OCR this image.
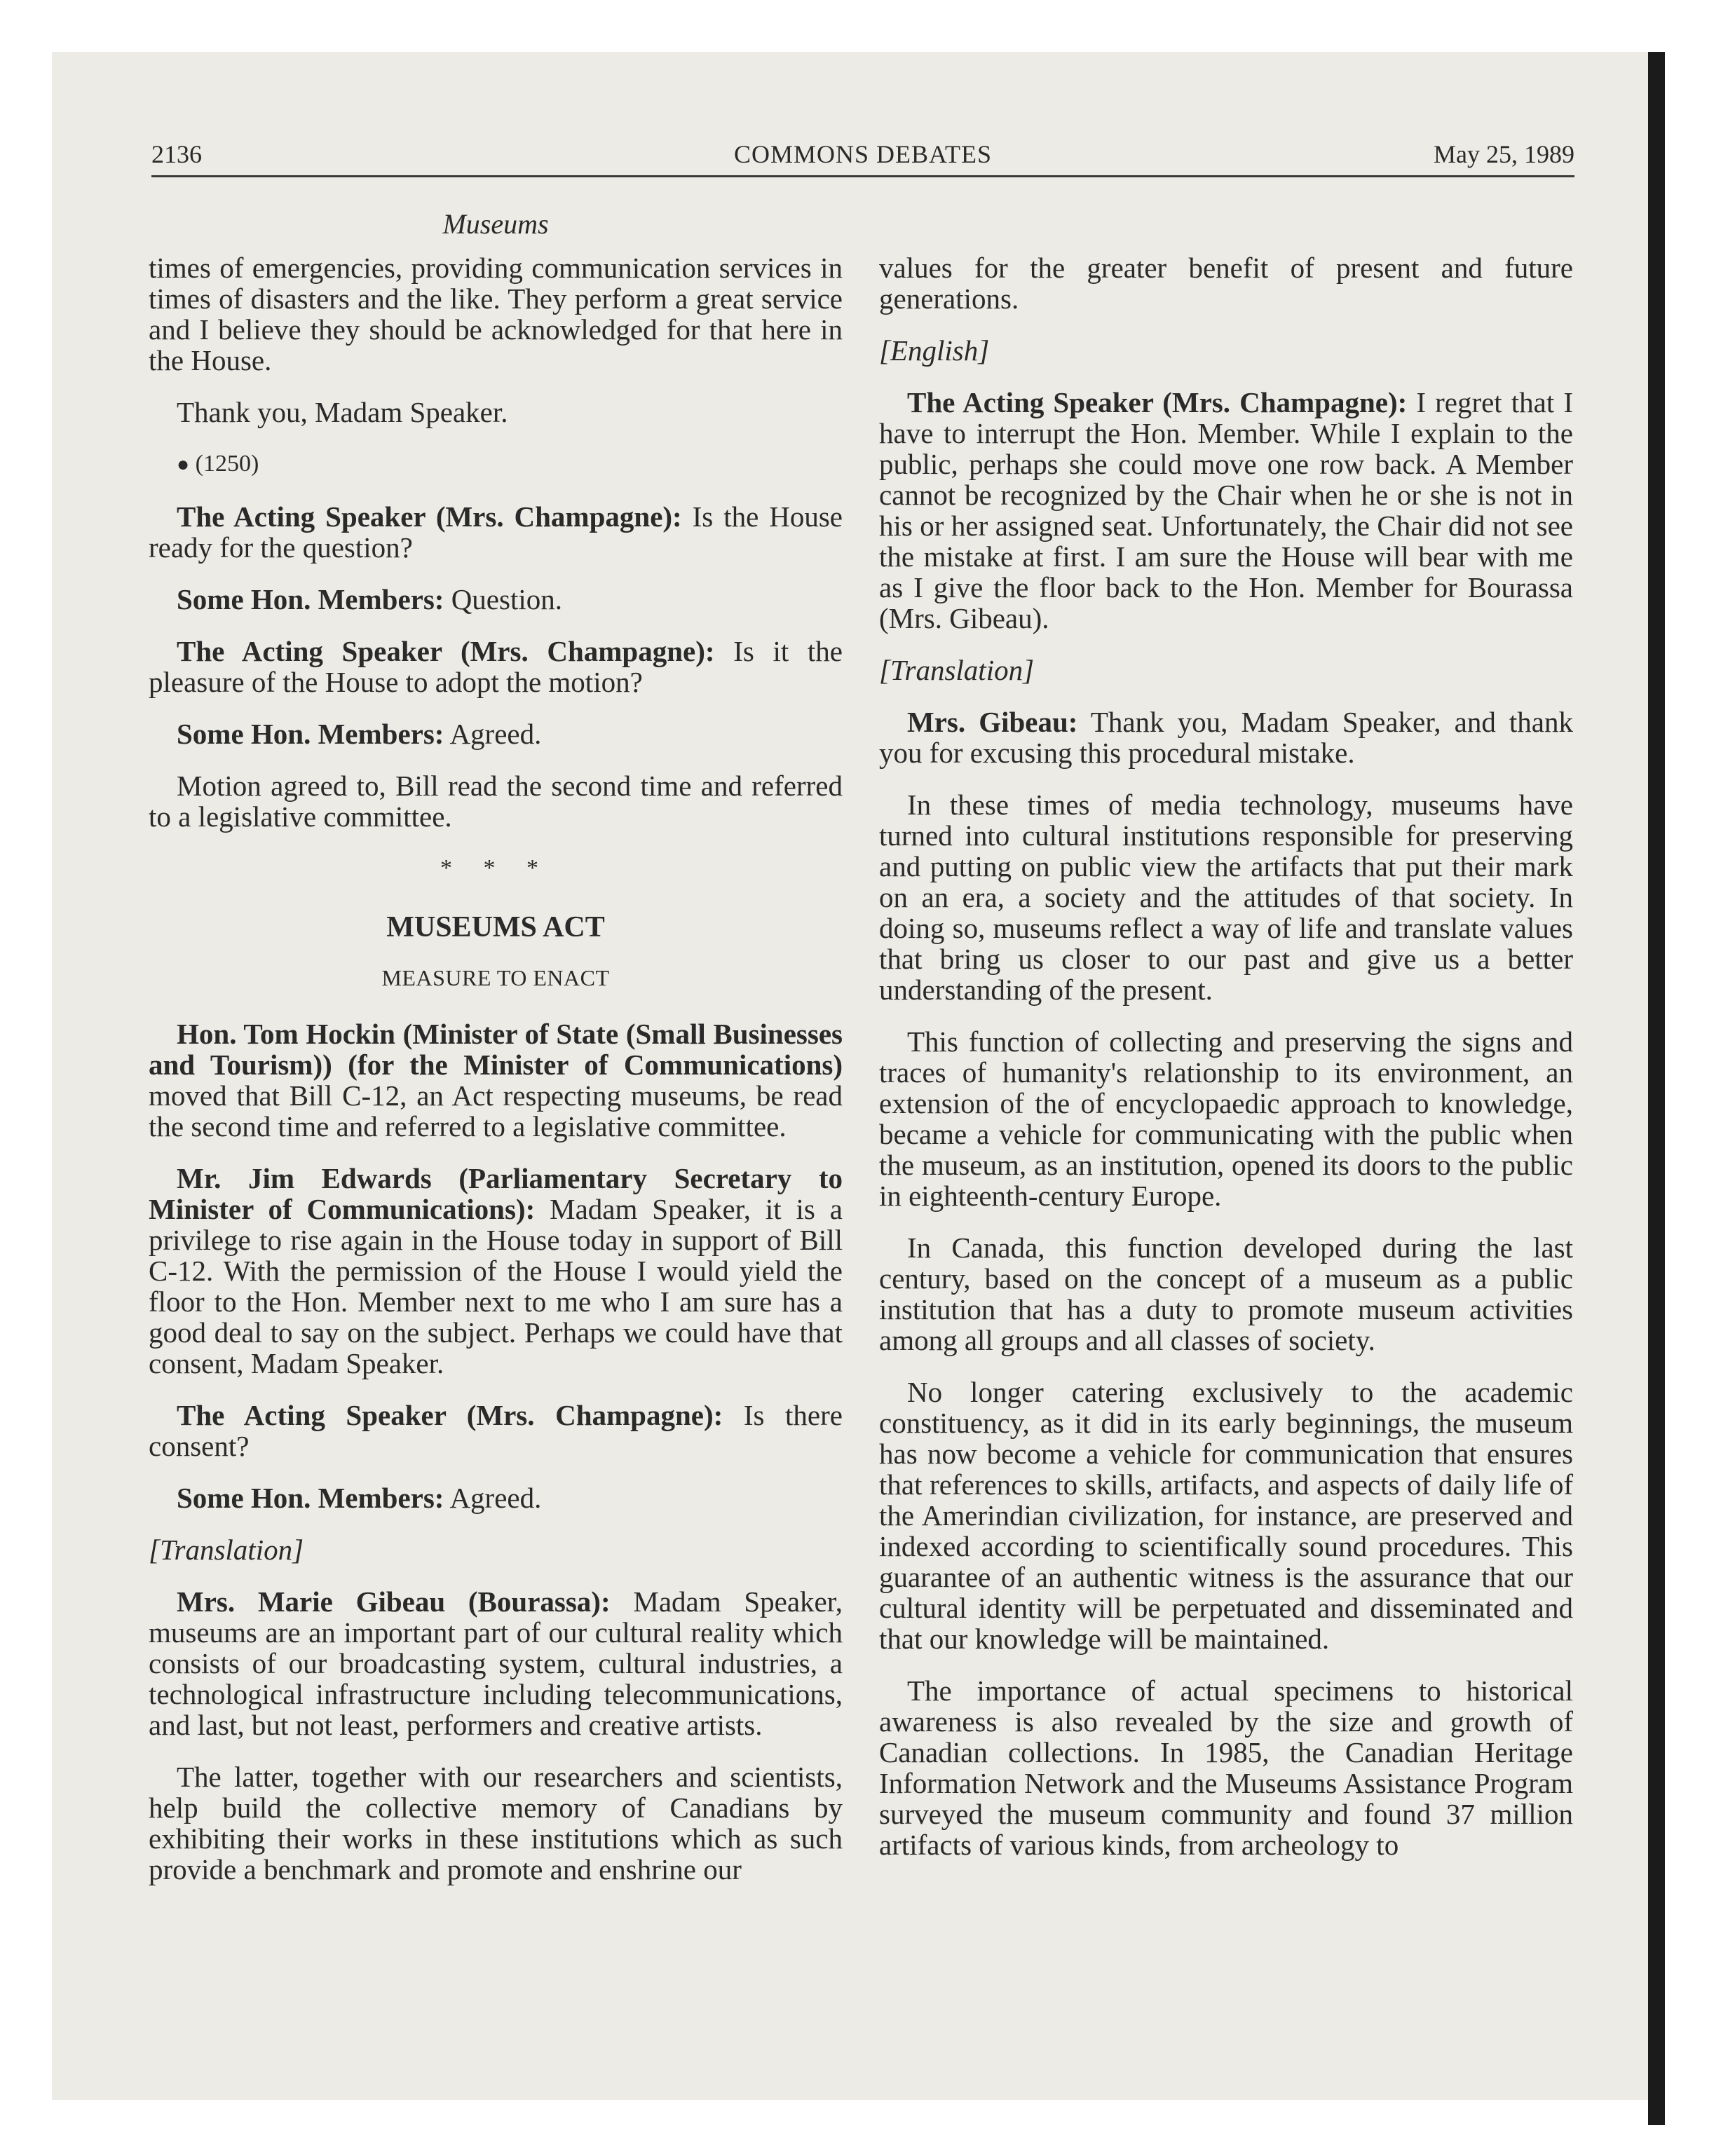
2136	COMMONS DEBATES	May 25, 1989
Museums

times of emergencies, providing communication services in times of disasters and the like. They perform a great service and I believe they should be acknowledged for that here in the House.

Thank you, Madam Speaker.

● (1250)

The Acting Speaker (Mrs. Champagne): Is the House ready for the question?

Some Hon. Members: Question.

The Acting Speaker (Mrs. Champagne): Is it the pleasure of the House to adopt the motion?

Some Hon. Members: Agreed.

Motion agreed to, Bill read the second time and referred to a legislative committee.

* * *
MUSEUMS ACT
MEASURE TO ENACT

Hon. Tom Hockin (Minister of State (Small Businesses and Tourism)) (for the Minister of Communications) moved that Bill C-12, an Act respecting museums, be read the second time and referred to a legislative committee.

Mr. Jim Edwards (Parliamentary Secretary to Minister of Communications): Madam Speaker, it is a privilege to rise again in the House today in support of Bill C-12. With the permission of the House I would yield the floor to the Hon. Member next to me who I am sure has a good deal to say on the subject. Perhaps we could have that consent, Madam Speaker.

The Acting Speaker (Mrs. Champagne): Is there consent?

Some Hon. Members: Agreed.

[Translation]

Mrs. Marie Gibeau (Bourassa): Madam Speaker, museums are an important part of our cultural reality which consists of our broadcasting system, cultural industries, a technological infrastructure including telecommunications, and last, but not least, performers and creative artists.

The latter, together with our researchers and scientists, help build the collective memory of Canadians by exhibiting their works in these institutions which as such provide a benchmark and promote and enshrine our

values for the greater benefit of present and future generations.

[English]

The Acting Speaker (Mrs. Champagne): I regret that I have to interrupt the Hon. Member. While I explain to the public, perhaps she could move one row back. A Member cannot be recognized by the Chair when he or she is not in his or her assigned seat. Unfortunately, the Chair did not see the mistake at first. I am sure the House will bear with me as I give the floor back to the Hon. Member for Bourassa (Mrs. Gibeau).

[Translation]

Mrs. Gibeau: Thank you, Madam Speaker, and thank you for excusing this procedural mistake.

In these times of media technology, museums have turned into cultural institutions responsible for preserving and putting on public view the artifacts that put their mark on an era, a society and the attitudes of that society. In doing so, museums reflect a way of life and translate values that bring us closer to our past and give us a better understanding of the present.

This function of collecting and preserving the signs and traces of humanity's relationship to its environment, an extension of the of encyclopaedic approach to knowledge, became a vehicle for communicating with the public when the museum, as an institution, opened its doors to the public in eighteenth-century Europe.

In Canada, this function developed during the last century, based on the concept of a museum as a public institution that has a duty to promote museum activities among all groups and all classes of society.

No longer catering exclusively to the academic constituency, as it did in its early beginnings, the museum has now become a vehicle for communication that ensures that references to skills, artifacts, and aspects of daily life of the Amerindian civilization, for instance, are preserved and indexed according to scientifically sound procedures. This guarantee of an authentic witness is the assurance that our cultural identity will be perpetuated and disseminated and that our knowledge will be maintained.

The importance of actual specimens to historical awareness is also revealed by the size and growth of Canadian collections. In 1985, the Canadian Heritage Information Network and the Museums Assistance Program surveyed the museum community and found 37 million artifacts of various kinds, from archeology to
